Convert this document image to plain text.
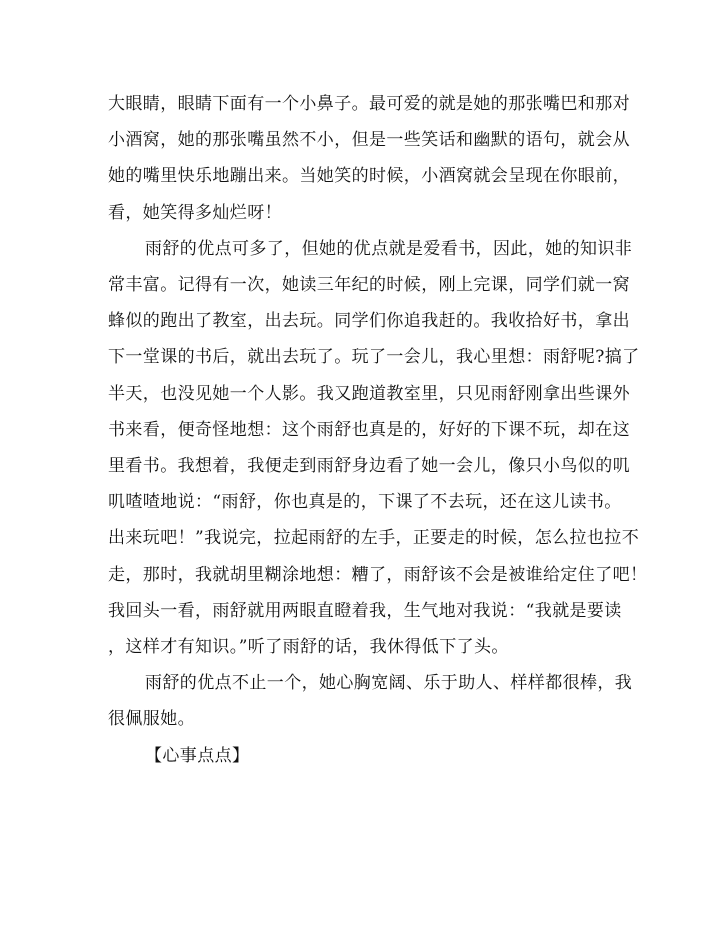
大眼睛，眼睛下面有一个小鼻子。最可爱的就是她的那张嘴巴和那对
小酒窝，她的那张嘴虽然不小，但是一些笑话和幽默的语句，就会从
她的嘴里快乐地蹦出来。当她笑的时候，小酒窝就会呈现在你眼前，
看，她笑得多灿烂呀！
雨舒的优点可多了，但她的优点就是爱看书，因此，她的知识非
常丰富。记得有一次，她读三年纪的时候，刚上完课，同学们就一窝
蜂似的跑出了教室，出去玩。同学们你追我赶的。我收拾好书，拿出
下一堂课的书后，就出去玩了。玩了一会儿，我心里想：雨舒呢?搞了
半天，也没见她一个人影。我又跑道教室里，只见雨舒刚拿出些课外
书来看，便奇怪地想：这个雨舒也真是的，好好的下课不玩，却在这
里看书。我想着，我便走到雨舒身边看了她一会儿，像只小鸟似的叽
叽喳喳地说：“雨舒，你也真是的，下课了不去玩，还在这儿读书。
出来玩吧！”我说完，拉起雨舒的左手，正要走的时候，怎么拉也拉不
走，那时，我就胡里糊涂地想：糟了，雨舒该不会是被谁给定住了吧！
我回头一看，雨舒就用两眼直瞪着我，生气地对我说：“我就是要读
，这样才有知识。”听了雨舒的话，我休得低下了头。
雨舒的优点不止一个，她心胸宽阔、乐于助人、样样都很棒，我
很佩服她。
【心事点点】
